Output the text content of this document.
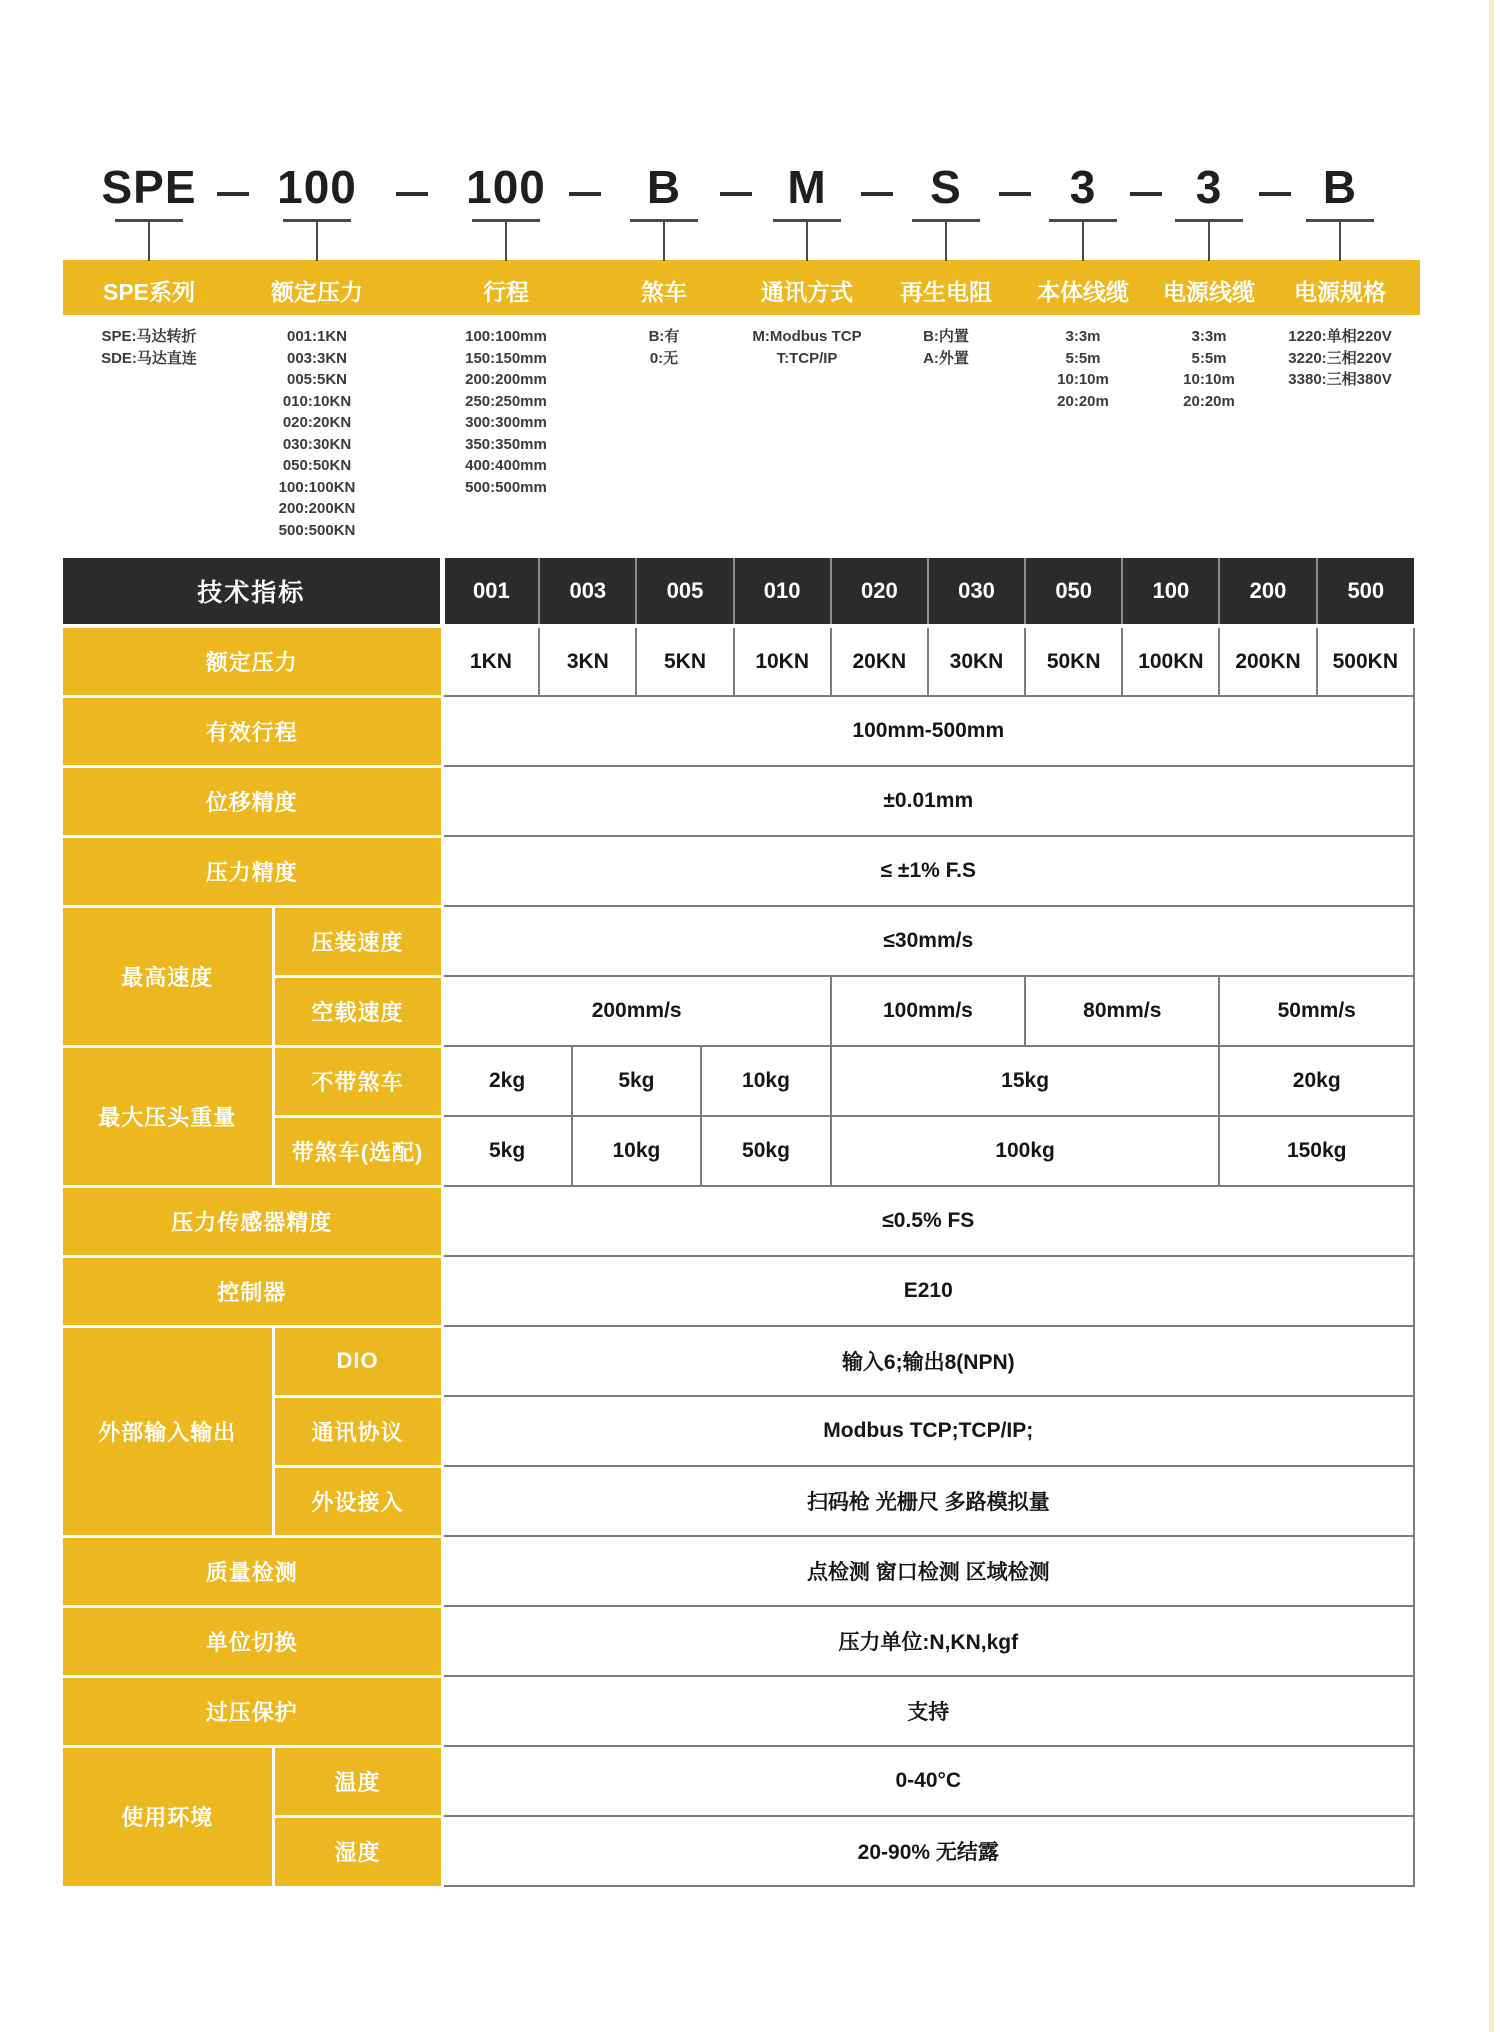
SPE
SPE系列
SPE:马达转折
SDE:马达直连
100
额定压力
001:1KN
003:3KN
005:5KN
010:10KN
020:20KN
030:30KN
050:50KN
100:100KN
200:200KN
500:500KN
100
行程
100:100mm
150:150mm
200:200mm
250:250mm
300:300mm
350:350mm
400:400mm
500:500mm
B
煞车
B:有
0:无
M
通讯方式
M:Modbus TCP
T:TCP/IP
S
再生电阻
B:内置
A:外置
3
本体线缆
3:3m
5:5m
10:10m
20:20m
3
电源线缆
3:3m
5:5m
10:10m
20:20m
B
电源规格
1220:单相220V
3220:三相220V
3380:三相380V
技术指标		001	003		005		010	020	030	050	100	200	500
额定压力		1KN	3KN		5KN		10KN	20KN	30KN	50KN	100KN	200KN	500KN
有效行程		100mm-500mm											
位移精度		±0.01mm											
压力精度		≤ ±1% F.S											
最高速度	压装速度	≤30mm/s											
	空载速度	200mm/s						100mm/s		80mm/s		50mm/s	
最大压头重量	不带煞车	2kg		5kg		10kg		15kg				20kg	
	带煞车(选配)	5kg		10kg		50kg		100kg				150kg	
压力传感器精度		≤0.5% FS											
控制器		E210											
外部输入输出	DIO	输入6;输出8(NPN)											
	通讯协议	Modbus TCP;TCP/IP;											
	外设接入	扫码枪 光栅尺 多路模拟量											
质量检测		点检测 窗口检测 区域检测											
单位切换		压力单位:N,KN,kgf											
过压保护		支持											
使用环境	温度	0-40°C											
	湿度	20-90% 无结露											
